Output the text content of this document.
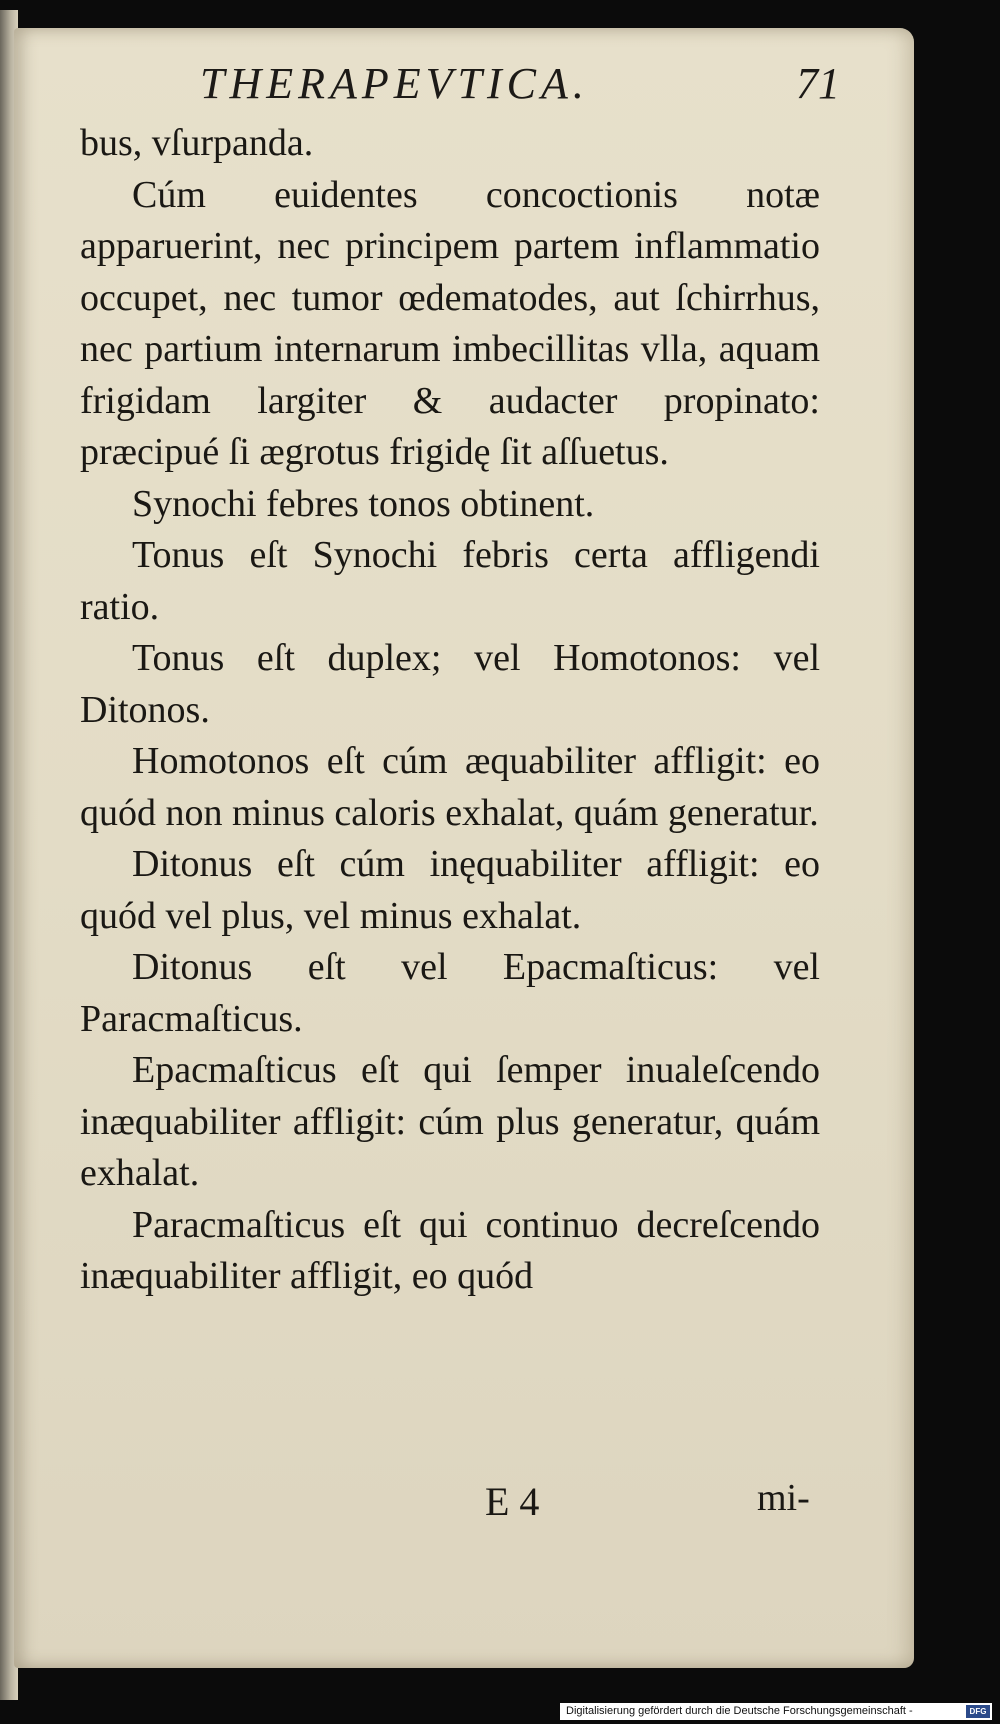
THERAPEVTICA.	71

bus, vſurpanda.

Cúm euidentes concoctionis notæ apparuerint, nec principem partem inflammatio occupet, nec tumor œdematodes, aut ſchirrhus, nec partium internarum imbecillitas vlla, aquam frigidam largiter & audacter propinato: præcipué ſi ægrotus frigidę ſit aſſuetus.

Synochi febres tonos obtinent.

Tonus eſt Synochi febris certa affligendi ratio.

Tonus eſt duplex; vel Homotonos: vel Ditonos.

Homotonos eſt cúm æquabiliter affligit: eo quód non minus caloris exhalat, quám generatur.

Ditonus eſt cúm inęquabiliter affligit: eo quód vel plus, vel minus exhalat.

Ditonus eſt vel Epacmaſticus: vel Paracmaſticus.

Epacmaſticus eſt qui ſemper inualeſcendo inæquabiliter affligit: cúm plus generatur, quám exhalat.

Paracmaſticus eſt qui continuo decreſcendo inæquabiliter affligit, eo quód

E 4	mi-
Digitalisierung gefördert durch die Deutsche Forschungsgemeinschaft -	DFG
